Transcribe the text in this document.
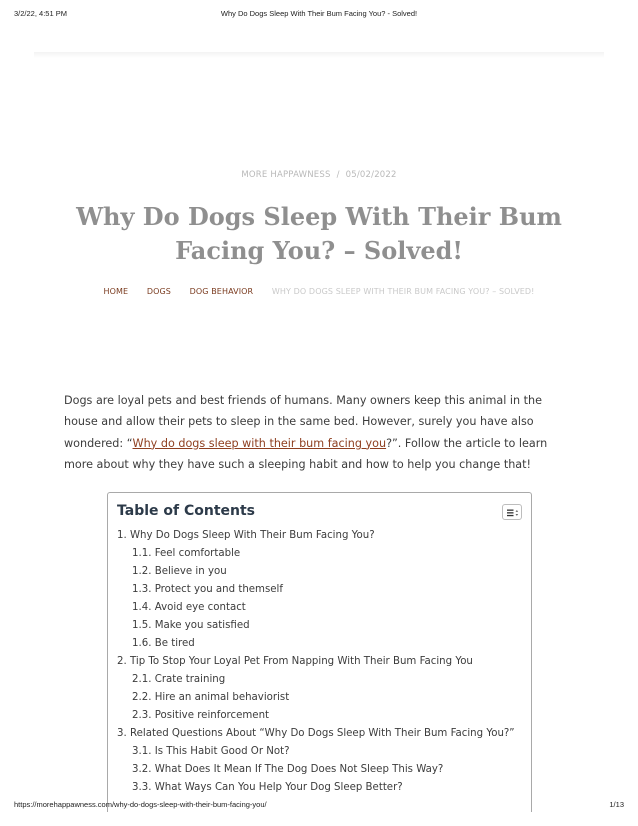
3/2/22, 4:51 PM	Why Do Dogs Sleep With Their Bum Facing You? - Solved!
MORE HAPPAWNESS / 05/02/2022
Why Do Dogs Sleep With Their Bum Facing You? – Solved!
HOME DOGS DOG BEHAVIOR WHY DO DOGS SLEEP WITH THEIR BUM FACING YOU? – SOLVED!

Dogs are loyal pets and best friends of humans. Many owners keep this animal in the house and allow their pets to sleep in the same bed. However, surely you have also wondered: “Why do dogs sleep with their bum facing you?”. Follow the article to learn more about why they have such a sleeping habit and how to help you change that!

Table of Contents
1. Why Do Dogs Sleep With Their Bum Facing You?
1.1. Feel comfortable
1.2. Believe in you
1.3. Protect you and themself
1.4. Avoid eye contact
1.5. Make you satisfied
1.6. Be tired
2. Tip To Stop Your Loyal Pet From Napping With Their Bum Facing You
2.1. Crate training
2.2. Hire an animal behaviorist
2.3. Positive reinforcement
3. Related Questions About “Why Do Dogs Sleep With Their Bum Facing You?”
3.1. Is This Habit Good Or Not?
3.2. What Does It Mean If The Dog Does Not Sleep This Way?
3.3. What Ways Can You Help Your Dog Sleep Better?
https://morehappawness.com/why-do-dogs-sleep-with-their-bum-facing-you/	1/13
